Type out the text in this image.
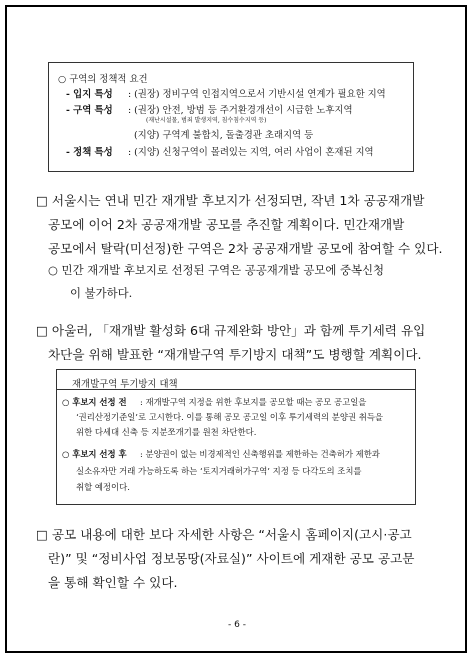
○ 구역의 정책적 요건
- 입지 특성 : (권장) 정비구역 인접지역으로서 기반시설 연계가 필요한 지역
- 구역 특성 : (권장) 안전, 방범 등 주거환경개선이 시급한 노후지역
(재난시설물, 범죄 발생지역, 침수침수지역 등)
(지양) 구역계 불합치, 돌출경관 초래지역 등
- 정책 특성 : (지양) 신청구역이 몰려있는 지역, 여러 사업이 혼재된 지역
□ 서울시는 연내 민간 재개발 후보지가 선정되면, 작년 1차 공공재개발
공모에 이어 2차 공공재개발 공모를 추진할 계획이다. 민간재개발
공모에서 탈락(미선정)한 구역은 2차 공공재개발 공모에 참여할 수 있다.
○ 민간 재개발 후보지로 선정된 구역은 공공재개발 공모에 중복신청
이 불가하다.
□ 아울러, 「재개발 활성화 6대 규제완화 방안」과 함께 투기세력 유입
차단을 위해 발표한 “재개발구역 투기방지 대책”도 병행할 계획이다.
재개발구역 투기방지 대책
○ 후보지 선정 전 : 재개발구역 지정을 위한 후보지를 공모할 때는 공모 공고일을
‘권리산정기준일’로 고시한다. 이를 통해 공모 공고일 이후 투기세력의 분양권 취득을
위한 다세대 신축 등 지분쪼개기를 원천 차단한다.
○ 후보지 선정 후 : 분양권이 없는 비경제적인 신축행위를 제한하는 건축허가 제한과
실소유자만 거래 가능하도록 하는 ‘토지거래허가구역’ 지정 등 다각도의 조치를
취할 예정이다.
□ 공모 내용에 대한 보다 자세한 사항은 “서울시 홈페이지(고시·공고
란)” 및 “정비사업 정보몽땅(자료실)” 사이트에 게재한 공모 공고문
을 통해 확인할 수 있다.
- 6 -
